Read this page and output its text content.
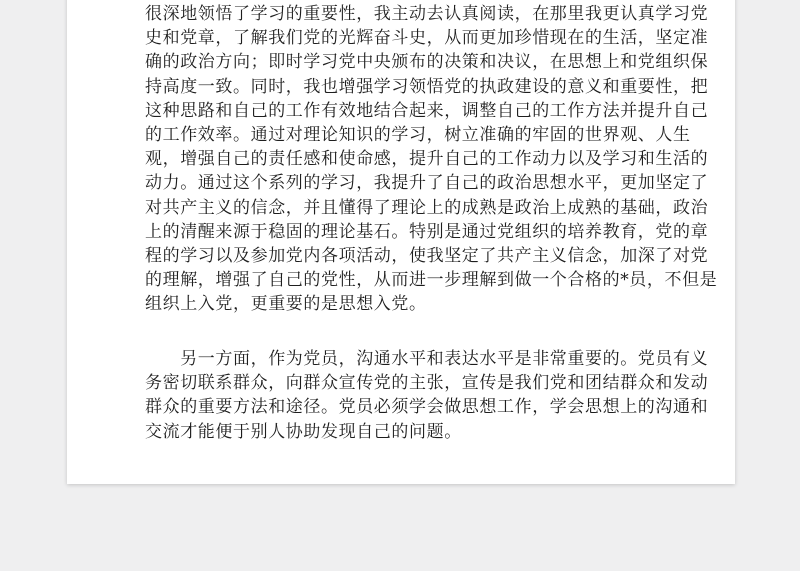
很深地领悟了学习的重要性，我主动去认真阅读，在那里我更认真学习党史和党章，了解我们党的光辉奋斗史，从而更加珍惜现在的生活，坚定准确的政治方向；即时学习党中央颁布的决策和决议，在思想上和党组织保持高度一致。同时，我也增强学习领悟党的执政建设的意义和重要性，把这种思路和自己的工作有效地结合起来，调整自己的工作方法并提升自己的工作效率。通过对理论知识的学习，树立准确的牢固的世界观、人生观，增强自己的责任感和使命感，提升自己的工作动力以及学习和生活的动力。通过这个系列的学习，我提升了自己的政治思想水平，更加坚定了对共产主义的信念，并且懂得了理论上的成熟是政治上成熟的基础，政治上的清醒来源于稳固的理论基石。特别是通过党组织的培养教育，党的章程的学习以及参加党内各项活动，使我坚定了共产主义信念，加深了对党的理解，增强了自己的党性，从而进一步理解到做一个合格的*员，不但是组织上入党，更重要的是思想入党。
　　另一方面，作为党员，沟通水平和表达水平是非常重要的。党员有义务密切联系群众，向群众宣传党的主张，宣传是我们党和团结群众和发动群众的重要方法和途径。党员必须学会做思想工作，学会思想上的沟通和交流才能便于别人协助发现自己的问题。
